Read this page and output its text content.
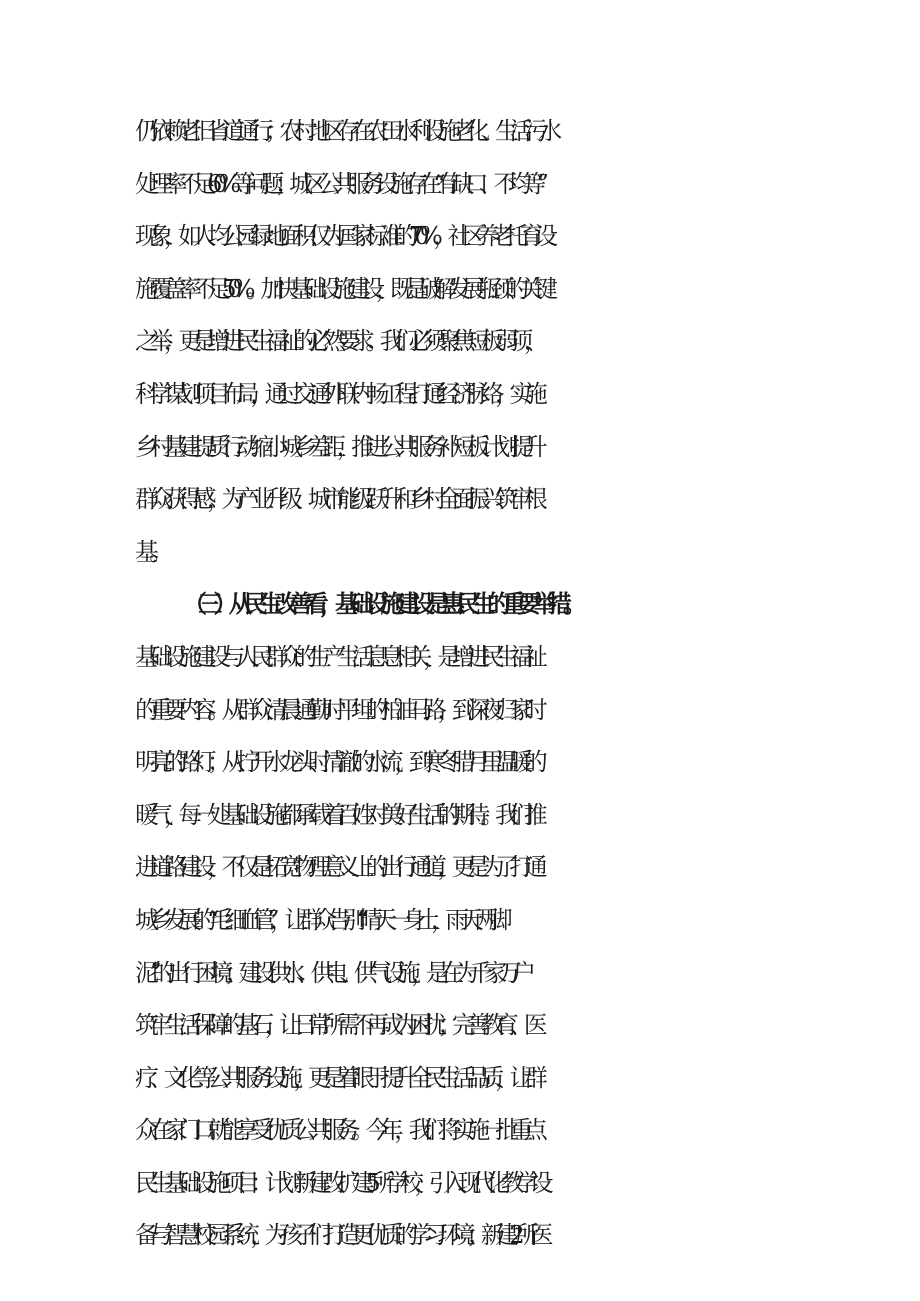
仍依赖老旧省道通行；农村地区存在农田水利设施老化、生活污水
处理率不足60%等问题；城区公共服务设施存在“有缺口、不均等”
现象，如人均公园绿地面积仅为国家标准的70%，社区养老托育设
施覆盖率不足50%。加快基础设施建设，既是破解发展瓶颈的关键
之举，更是增进民生福祉的必然要求。我们必须聚焦短板弱项，
科学谋划项目布局，通过交通外联内畅工程打通经济脉络，实施
乡村基建提质行动缩小城乡差距，推进公共服务补短板计划提升
群众获得感，为产业升级、城市能级跃升和乡村全面振兴筑牢根
基。
（三）从民生改善看，基础设施建设是惠民生的重要举措。
基础设施建设与人民群众的生产生活息息相关，是增进民生福祉
的重要内容。从群众清晨通勤时平坦的柏油马路，到深夜归家时
明亮的路灯；从拧开水龙头时清澈的水流，到寒冬腊月里温暖的
暖气，每一处基础设施都承载着百姓对美好生活的期待。我们推
进道路建设，不仅是拓宽物理意义上的出行通道，更是为了打通
城乡发展的“毛细血管”，让群众告别“晴天一身土，雨天两脚
泥”的出行困境；建设供水、供电、供气设施，是在为千家万户
筑牢生活保障的基石，让日常所需不再成为困扰；完善教育、医
疗、文化等公共服务设施，更是着眼于提升全民生活品质，让群
众在家门口就能享受优质公共服务。今年，我们将实施一批重点
民生基础设施项目：计划新建改扩建5所学校，引入现代化教学设
备与智慧校园系统，为孩子们打造更优质的学习环境；新建2所医
